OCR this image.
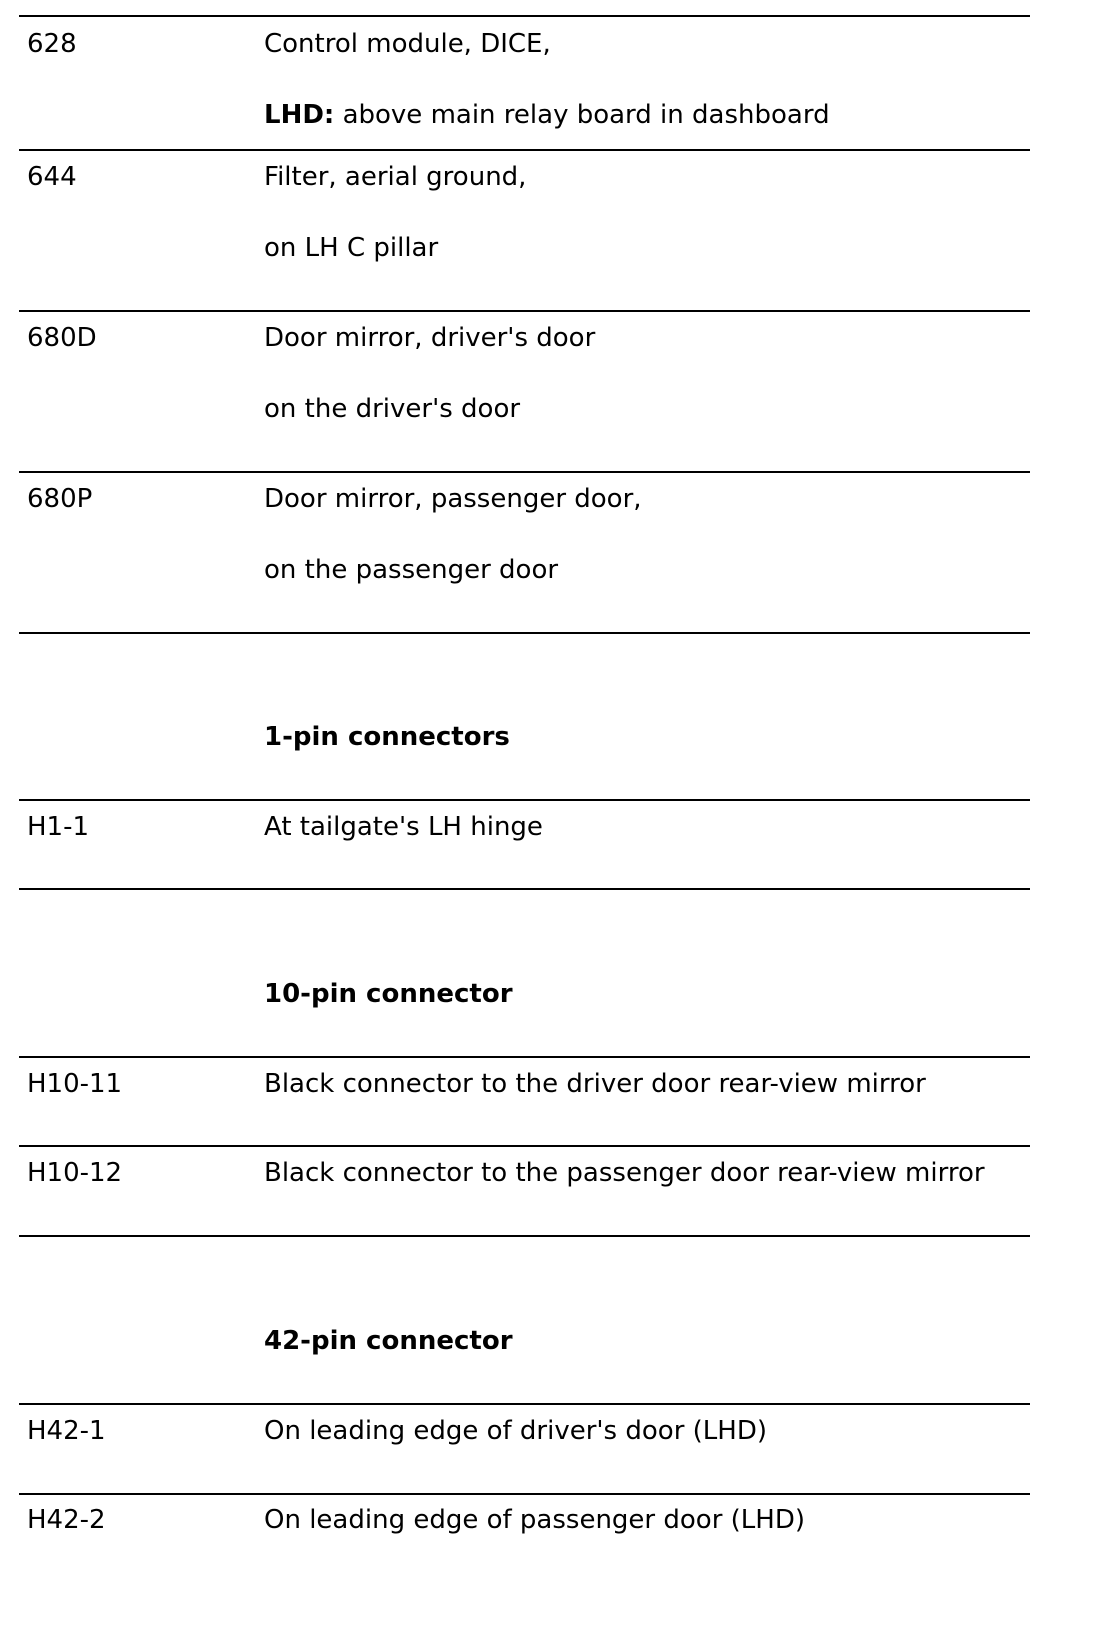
628	Control module, DICE,
LHD: above main relay board in dashboard
644	Filter, aerial ground,
on LH C pillar
680D	Door mirror, driver's door
on the driver's door
680P	Door mirror, passenger door,
on the passenger door
1-pin connectors
H1-1	At tailgate's LH hinge
10-pin connector
H10-11	Black connector to the driver door rear-view mirror
H10-12	Black connector to the passenger door rear-view mirror
42-pin connector
H42-1	On leading edge of driver's door (LHD)
H42-2	On leading edge of passenger door (LHD)
